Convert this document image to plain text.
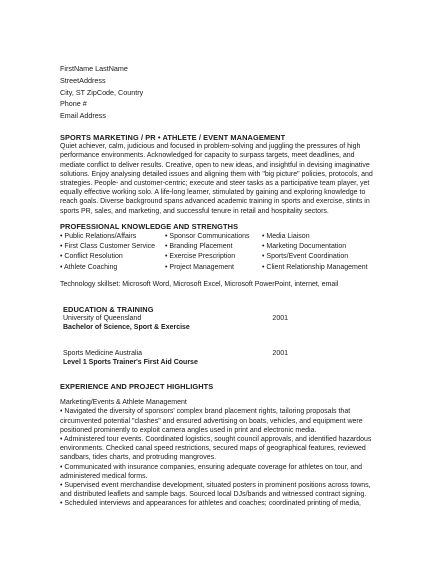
FirstName LastName
StreetAddress
City, ST ZipCode, Country
Phone #
Email Address
SPORTS MARKETING / PR • ATHLETE / EVENT MANAGEMENT

Quiet achiever, calm, judicious and focused in problem-solving and juggling the pressures of high performance environments. Acknowledged for capacity to surpass targets, meet deadlines, and mediate conflict to deliver results. Creative, open to new ideas, and insightful in devising imaginative solutions. Enjoy analysing detailed issues and aligning them with "big picture" policies, protocols, and strategies. People- and customer-centric; execute and steer tasks as a participative team player, yet equally effective working solo. A life-long learner, stimulated by gaining and exploring knowledge to reach goals. Diverse background spans advanced academic training in sports and exercise, stints in sports PR, sales, and marketing, and successful tenure in retail and hospitality sectors.

PROFESSIONAL KNOWLEDGE AND STRENGTHS
• Public Relations/Affairs	• Sponsor Communications	• Media Liaison
• First Class Customer Service	• Branding Placement	• Marketing Documentation
• Conflict Resolution	• Exercise Prescription	• Sports/Event Coordination
• Athlete Coaching	• Project Management	• Client Relationship Management
Technology skillset: Microsoft Word, Microsoft Excel, Microsoft PowerPoint, internet, email
EDUCATION & TRAINING
University of Queensland	2001
Bachelor of Science, Sport & Exercise
Sports Medicine Australia	2001
Level 1 Sports Trainer's First Aid Course
EXPERIENCE AND PROJECT HIGHLIGHTS
Marketing/Events & Athlete Management
• Navigated the diversity of sponsors' complex brand placement rights, tailoring proposals that circumvented potential "clashes" and ensured advertising on boats, vehicles, and equipment were positioned prominently to exploit camera angles used in print and electronic media.
• Administered tour events. Coordinated logistics, sought council approvals, and identified hazardous environments. Checked canal speed restrictions, secured maps of geographical features, reviewed sandbars, tides charts, and protruding mangroves.
• Communicated with insurance companies, ensuring adequate coverage for athletes on tour, and administered medical forms.
• Supervised event merchandise development, situated posters in prominent positions across towns, and distributed leaflets and sample bags. Sourced local DJs/bands and witnessed contract signing.
• Scheduled interviews and appearances for athletes and coaches; coordinated printing of media,
